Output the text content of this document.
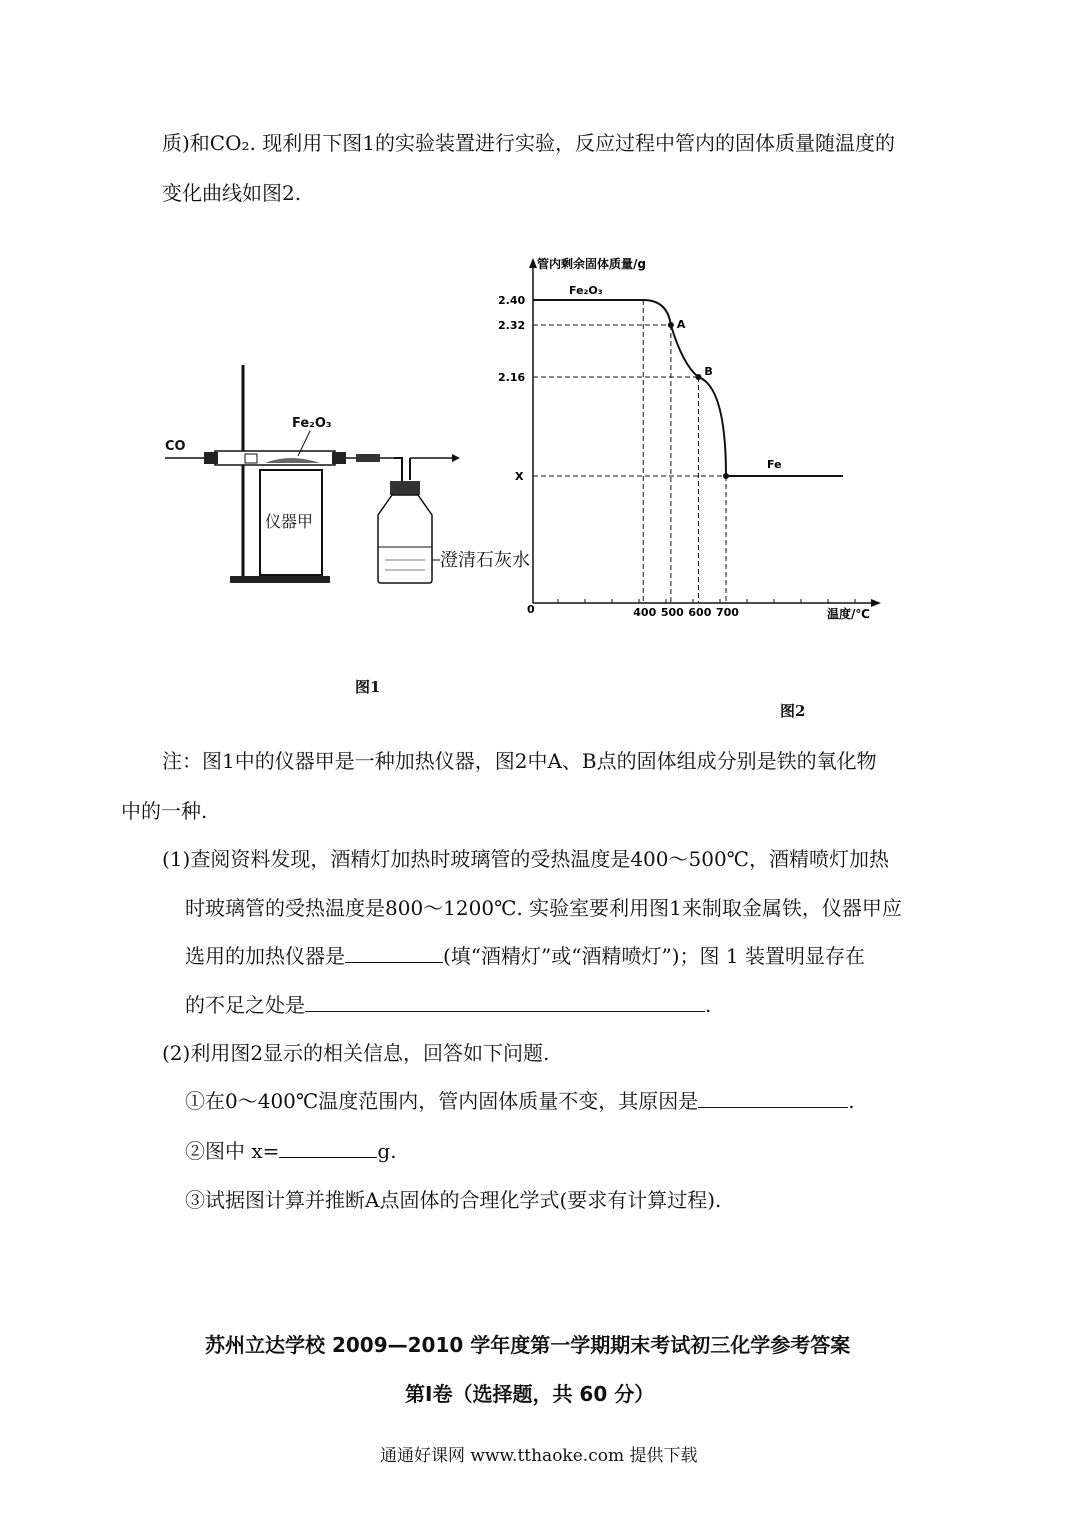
质)和CO₂. 现利用下图1的实验装置进行实验，反应过程中管内的固体质量随温度的
变化曲线如图2.
仪器甲
CO
Fe₂O₃
澄清石灰水
图1
管内剩余固体质量/g
温度/℃
0
2.40
2.32
2.16
X
400 500 600 700
Fe₂O₃
A
B
Fe
图2
注：图1中的仪器甲是一种加热仪器，图2中A、B点的固体组成分别是铁的氧化物
中的一种.
(1)查阅资料发现，酒精灯加热时玻璃管的受热温度是400～500℃，酒精喷灯加热
时玻璃管的受热温度是800～1200℃. 实验室要利用图1来制取金属铁，仪器甲应
选用的加热仪器是	(填“酒精灯”或“酒精喷灯”)；图 1 装置明显存在
的不足之处是	.
(2)利用图2显示的相关信息，回答如下问题.
①在0～400℃温度范围内，管内固体质量不变，其原因是	.
②图中 x=	g.
③试据图计算并推断A点固体的合理化学式(要求有计算过程).
苏州立达学校 2009—2010 学年度第一学期期末考试初三化学参考答案
第Ⅰ卷（选择题，共 60 分）
通通好课网 www.tthaoke.com 提供下载
